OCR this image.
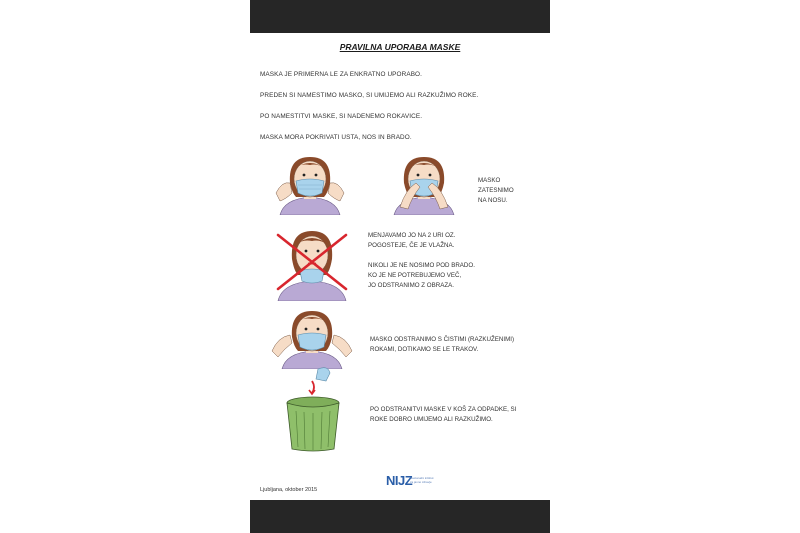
PRAVILNA UPORABA MASKE
MASKA JE PRIMERNA LE ZA ENKRATNO UPORABO.
PREDEN SI NAMESTIMO MASKO, SI UMIJEMO ALI RAZKUŽIMO ROKE.
PO NAMESTITVI MASKE, SI NADENEMO ROKAVICE.
MASKA MORA POKRIVATI USTA, NOS IN BRADO.
MASKO
ZATESNIMO
NA NOSU.
MENJAVAMO JO NA 2 URI OZ.
POGOSTEJE, ČE JE VLAŽNA.

NIKOLI JE NE NOSIMO POD BRADO.
KO JE NE POTREBUJEMO VEČ,
JO ODSTRANIMO Z OBRAZA.
MASKO ODSTRANIMO S ČISTIMI (RAZKUŽENIMI)
ROKAMI, DOTIKAMO SE LE TRAKOV.
PO ODSTRANITVI MASKE V KOŠ ZA ODPADKE, SI
ROKE DOBRO UMIJEMO ALI RAZKUŽIMO.
NIJZ
Nacionalni inštitut
za javno zdravje
Ljubljana, oktober 2015
